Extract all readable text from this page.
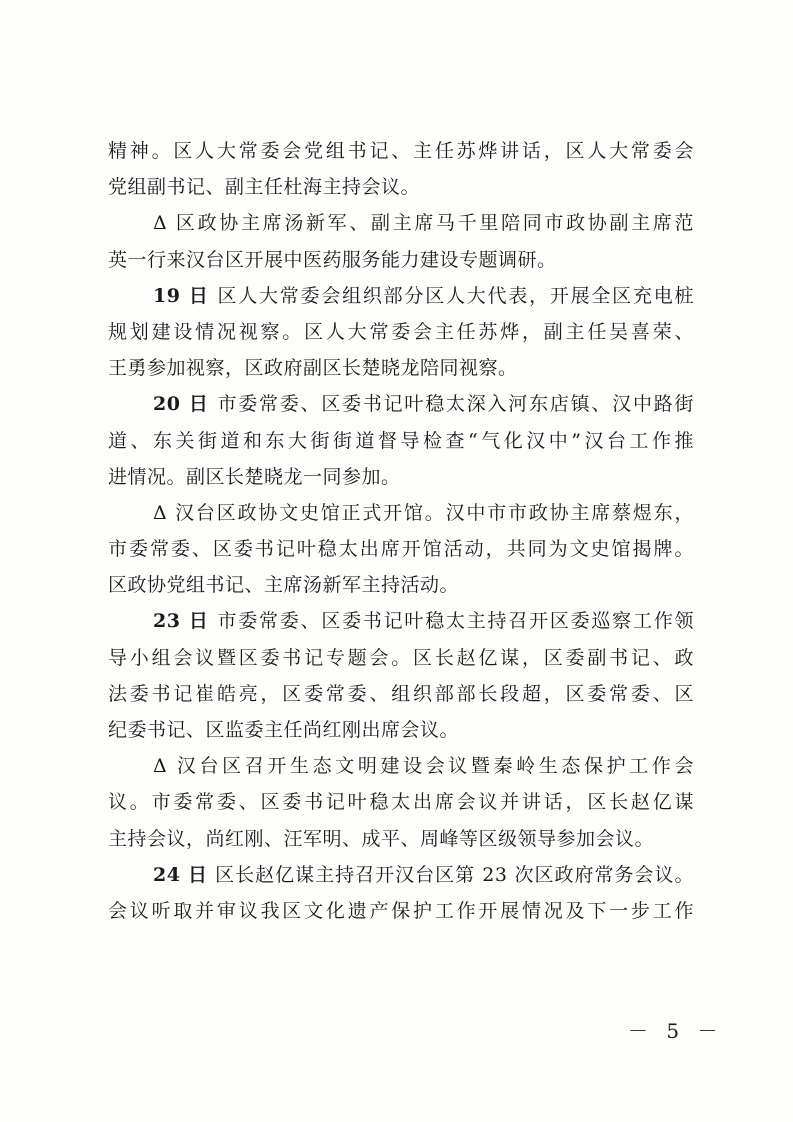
精神。区人大常委会党组书记、主任苏烨讲话，区人大常委会
党组副书记、副主任杜海主持会议。
Δ 区政协主席汤新军、副主席马千里陪同市政协副主席范
英一行来汉台区开展中医药服务能力建设专题调研。
19 日 区人大常委会组织部分区人大代表，开展全区充电桩
规划建设情况视察。区人大常委会主任苏烨，副主任吴喜荣、
王勇参加视察，区政府副区长楚晓龙陪同视察。
20 日 市委常委、区委书记叶稳太深入河东店镇、汉中路街
道、东关街道和东大街街道督导检查“气化汉中”汉台工作推
进情况。副区长楚晓龙一同参加。
Δ 汉台区政协文史馆正式开馆。汉中市市政协主席蔡煜东，
市委常委、区委书记叶稳太出席开馆活动，共同为文史馆揭牌。
区政协党组书记、主席汤新军主持活动。
23 日 市委常委、区委书记叶稳太主持召开区委巡察工作领
导小组会议暨区委书记专题会。区长赵亿谋，区委副书记、政
法委书记崔皓亮，区委常委、组织部部长段超，区委常委、区
纪委书记、区监委主任尚红刚出席会议。
Δ 汉台区召开生态文明建设会议暨秦岭生态保护工作会
议。市委常委、区委书记叶稳太出席会议并讲话，区长赵亿谋
主持会议，尚红刚、汪军明、成平、周峰等区级领导参加会议。
24 日 区长赵亿谋主持召开汉台区第 23 次区政府常务会议。
会议听取并审议我区文化遗产保护工作开展情况及下一步工作
－ 5 －
